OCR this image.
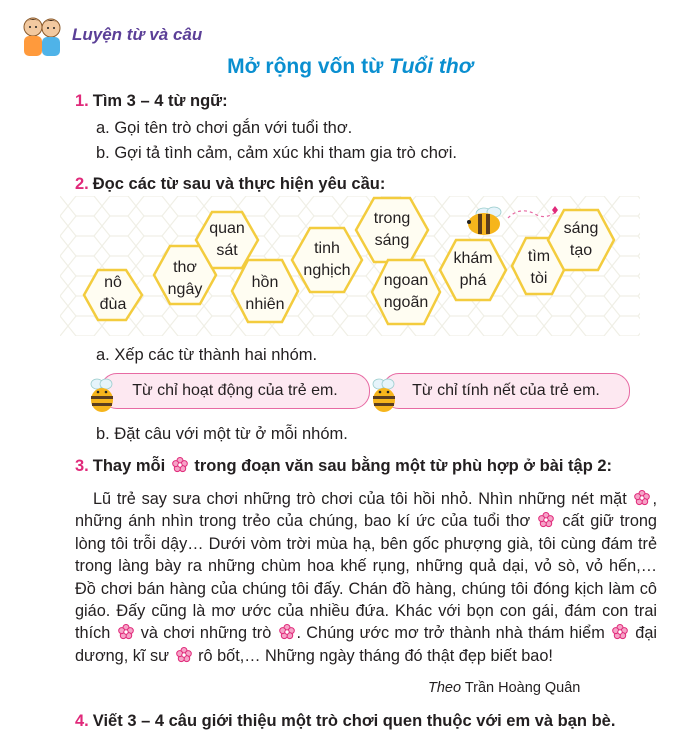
Luyện từ và câu
Mở rộng vốn từ Tuổi thơ
1. Tìm 3 – 4 từ ngữ:
a. Gọi tên trò chơi gắn với tuổi thơ.
b. Gợi tả tình cảm, cảm xúc khi tham gia trò chơi.
2. Đọc các từ sau và thực hiện yêu cầu:
nô
đùa
thơ
ngây
quan
sát
hồn
nhiên
tinh
nghịch
trong
sáng
ngoan
ngoãn
khám
phá
tìm
tòi
sáng
tạo
a. Xếp các từ thành hai nhóm.
Từ chỉ hoạt động của trẻ em.	Từ chỉ tính nết của trẻ em.
b. Đặt câu với một từ ở mỗi nhóm.
3. Thay mỗi trong đoạn văn sau bằng một từ phù hợp ở bài tập 2:

Lũ trẻ say sưa chơi những trò chơi của tôi hồi nhỏ. Nhìn những nét mặt , những ánh nhìn trong trẻo của chúng, bao kí ức của tuổi thơ cất giữ trong lòng tôi trỗi dậy… Dưới vòm trời mùa hạ, bên gốc phượng già, tôi cùng đám trẻ trong làng bày ra những chùm hoa khế rụng, những quả dại, vỏ sò, vỏ hến,… Đồ chơi bán hàng của chúng tôi đấy. Chán đồ hàng, chúng tôi đóng kịch làm cô giáo. Đấy cũng là mơ ước của nhiều đứa. Khác với bọn con gái, đám con trai thích và chơi những trò . Chúng ước mơ trở thành nhà thám hiểm đại dương, kĩ sư rô bốt,… Những ngày tháng đó thật đẹp biết bao!

Theo Trần Hoàng Quân
4. Viết 3 – 4 câu giới thiệu một trò chơi quen thuộc với em và bạn bè.
